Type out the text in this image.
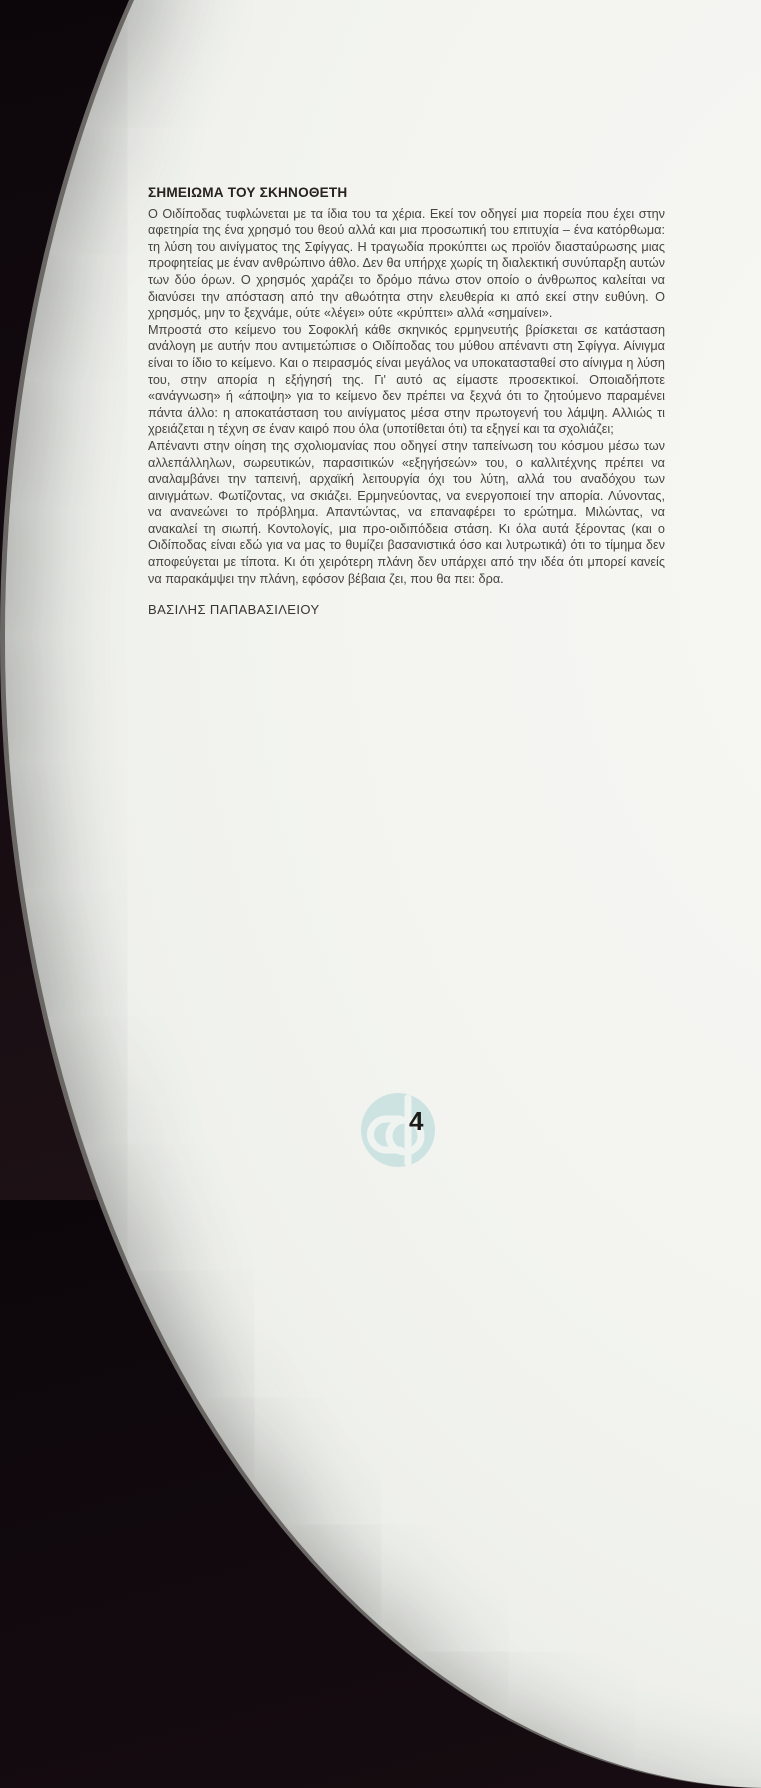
ΣΗΜΕΙΩΜΑ ΤΟΥ ΣΚΗΝΟΘΕΤΗ

Ο Οιδίποδας τυφλώνεται με τα ίδια του τα χέρια. Εκεί τον οδηγεί μια πορεία που έχει στην αφετηρία της ένα χρησμό του θεού αλλά και μια προσωπική του επιτυχία – ένα κατόρθωμα: τη λύση του αινίγματος της Σφίγγας. Η τραγωδία προκύπτει ως προϊόν διασταύρωσης μιας προφητείας με έναν ανθρώπινο άθλο. Δεν θα υπήρχε χωρίς τη διαλεκτική συνύπαρξη αυτών των δύο όρων. Ο χρησμός χαράζει το δρόμο πάνω στον οποίο ο άνθρωπος καλείται να διανύσει την απόσταση από την αθωότητα στην ελευθερία κι από εκεί στην ευθύνη. Ο χρησμός, μην το ξεχνάμε, ούτε «λέγει» ούτε «κρύπτει» αλλά «σημαίνει».

Μπροστά στο κείμενο του Σοφοκλή κάθε σκηνικός ερμηνευτής βρίσκεται σε κατάσταση ανάλογη με αυτήν που αντιμετώπισε ο Οιδίποδας του μύθου απέναντι στη Σφίγγα. Αίνιγμα είναι το ίδιο το κείμενο. Και ο πειρασμός είναι μεγάλος να υποκατασταθεί στο αίνιγμα η λύση του, στην απορία η εξήγησή της. Γι' αυτό ας είμαστε προσεκτικοί. Οποιαδήποτε «ανάγνωση» ή «άποψη» για το κείμενο δεν πρέπει να ξεχνά ότι το ζητούμενο παραμένει πάντα άλλο: η αποκατάσταση του αινίγματος μέσα στην πρωτογενή του λάμψη. Αλλιώς τι χρειάζεται η τέχνη σε έναν καιρό που όλα (υποτίθεται ότι) τα εξηγεί και τα σχολιάζει;

Απέναντι στην οίηση της σχολιομανίας που οδηγεί στην ταπείνωση του κόσμου μέσω των αλλεπάλληλων, σωρευτικών, παρασιτικών «εξηγήσεών» του, ο καλλιτέχνης πρέπει να αναλαμβάνει την ταπεινή, αρχαϊκή λειτουργία όχι του λύτη, αλλά του αναδόχου των αινιγμάτων. Φωτίζοντας, να σκιάζει. Ερμηνεύοντας, να ενεργοποιεί την απορία. Λύνοντας, να ανανεώνει το πρόβλημα. Απαντώντας, να επαναφέρει το ερώτημα. Μιλώντας, να ανακαλεί τη σιωπή. Κοντολογίς, μια προ-οιδιπόδεια στάση. Κι όλα αυτά ξέροντας (και ο Οιδίποδας είναι εδώ για να μας το θυμίζει βασανιστικά όσο και λυτρωτικά) ότι το τίμημα δεν αποφεύγεται με τίποτα. Κι ότι χειρότερη πλάνη δεν υπάρχει από την ιδέα ότι μπορεί κανείς να παρακάμψει την πλάνη, εφόσον βέβαια ζει, που θα πει: δρα.

ΒΑΣΙΛΗΣ ΠΑΠΑΒΑΣΙΛΕΙΟΥ

4
